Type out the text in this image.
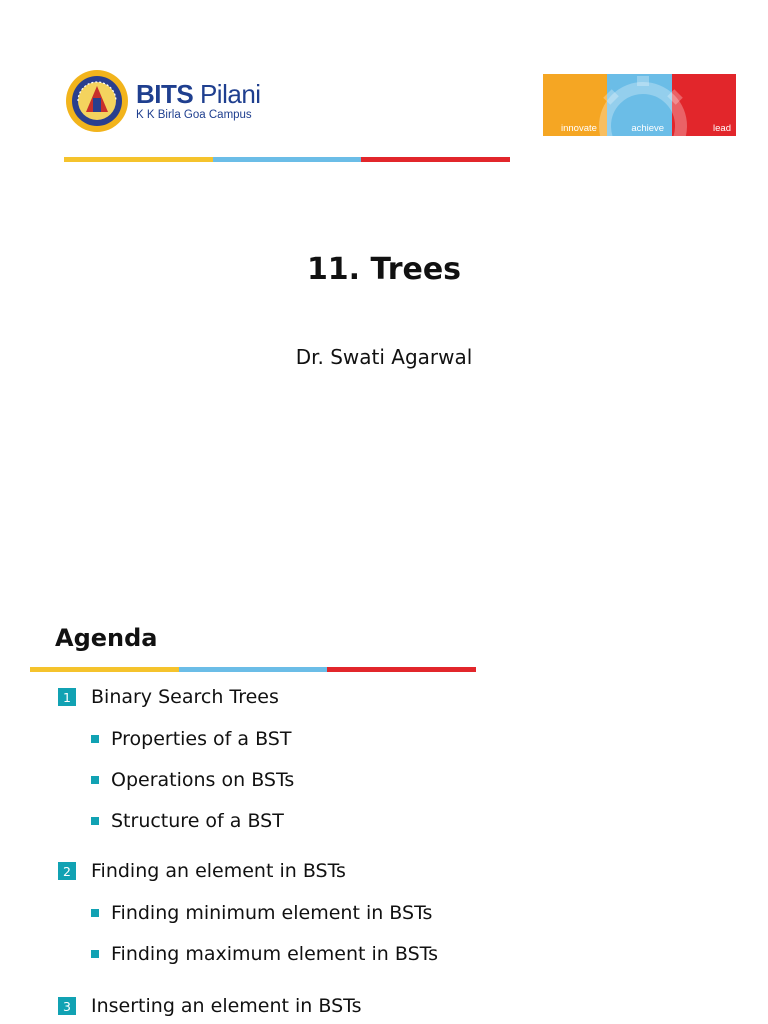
BITS Pilani
K K Birla Goa Campus
innovate	achieve	lead
11. Trees
Dr. Swati Agarwal
Agenda
1 Binary Search Trees
Properties of a BST
Operations on BSTs
Structure of a BST
2 Finding an element in BSTs
Finding minimum element in BSTs
Finding maximum element in BSTs
3 Inserting an element in BSTs
